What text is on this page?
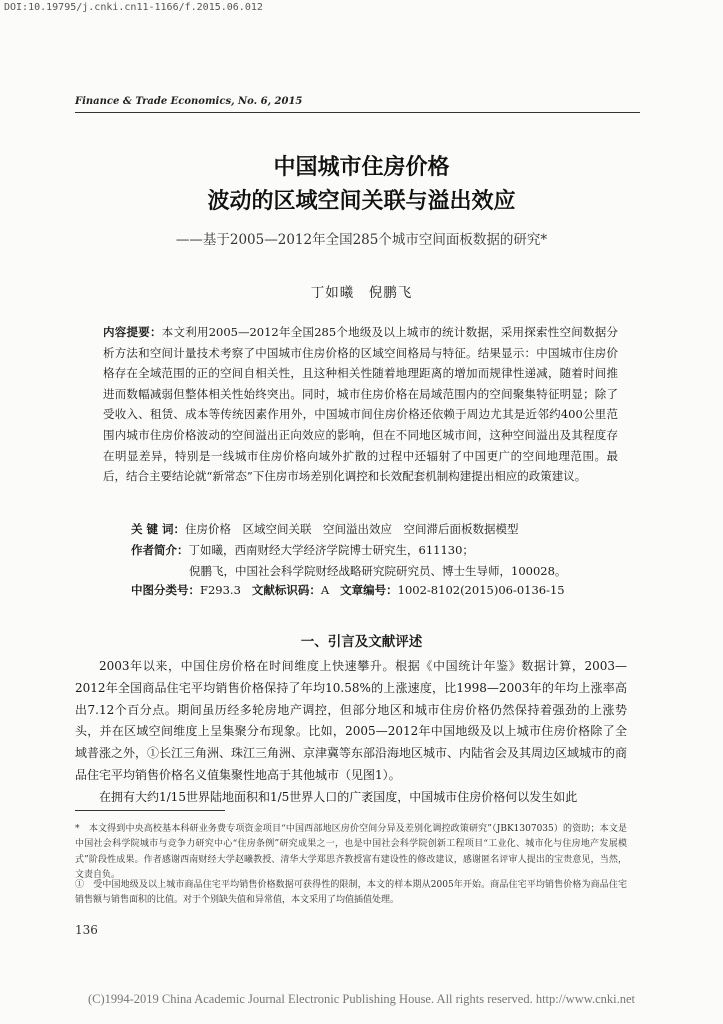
DOI:10.19795/j.cnki.cn11-1166/f.2015.06.012
Finance & Trade Economics, No. 6, 2015
中国城市住房价格
波动的区域空间关联与溢出效应
——基于2005—2012年全国285个城市空间面板数据的研究*
丁如曦　倪鹏飞
内容提要：本文利用2005—2012年全国285个地级及以上城市的统计数据，采用探索性空间数据分析方法和空间计量技术考察了中国城市住房价格的区域空间格局与特征。结果显示：中国城市住房价格存在全域范围的正的空间自相关性，且这种相关性随着地理距离的增加而规律性递减，随着时间推进而数幅减弱但整体相关性始终突出。同时，城市住房价格在局域范围内的空间聚集特征明显；除了受收入、租赁、成本等传统因素作用外，中国城市间住房价格还依赖于周边尤其是近邻约400公里范围内城市住房价格波动的空间溢出正向效应的影响，但在不同地区城市间，这种空间溢出及其程度存在明显差异，特别是一线城市住房价格向域外扩散的过程中还辐射了中国更广的空间地理范围。最后，结合主要结论就“新常态”下住房市场差别化调控和长效配套机制构建提出相应的政策建议。
关 键 词：住房价格　区域空间关联　空间溢出效应　空间滞后面板数据模型
作者简介：丁如曦，西南财经大学经济学院博士研究生，611130；
倪鹏飞，中国社会科学院财经战略研究院研究员、博士生导师，100028。
中图分类号：F293.3 文献标识码：A 文章编号：1002-8102(2015)06-0136-15
一、引言及文献评述
2003年以来，中国住房价格在时间维度上快速攀升。根据《中国统计年鉴》数据计算，2003—2012年全国商品住宅平均销售价格保持了年均10.58%的上涨速度，比1998—2003年的年均上涨率高出7.12个百分点。期间虽历经多轮房地产调控，但部分地区和城市住房价格仍然保持着强劲的上涨势头，并在区域空间维度上呈集聚分布现象。比如，2005—2012年中国地级及以上城市住房价格除了全域普涨之外，①长江三角洲、珠江三角洲、京津冀等东部沿海地区城市、内陆省会及其周边区域城市的商品住宅平均销售价格名义值集聚性地高于其他城市（见图1）。
在拥有大约1/15世界陆地面积和1/5世界人口的广袤国度，中国城市住房价格何以发生如此
*　本文得到中央高校基本科研业务费专项资金项目“中国西部地区房价空间分异及差别化调控政策研究”（JBK1307035）的资助；本文是中国社会科学院城市与竞争力研究中心“住房条例”研究成果之一，也是中国社会科学院创新工程项目“工业化、城市化与住房地产发展模式”阶段性成果。作者感谢西南财经大学赵曦教授、清华大学郑思齐教授富有建设性的修改建议，感谢匿名评审人提出的宝贵意见，当然，文责自负。
①　受中国地级及以上城市商品住宅平均销售价格数据可获得性的限制，本文的样本期从2005年开始。商品住宅平均销售价格为商品住宅销售额与销售面积的比值。对于个别缺失值和异常值，本文采用了均值插值处理。
136
(C)1994-2019 China Academic Journal Electronic Publishing House. All rights reserved. http://www.cnki.net
